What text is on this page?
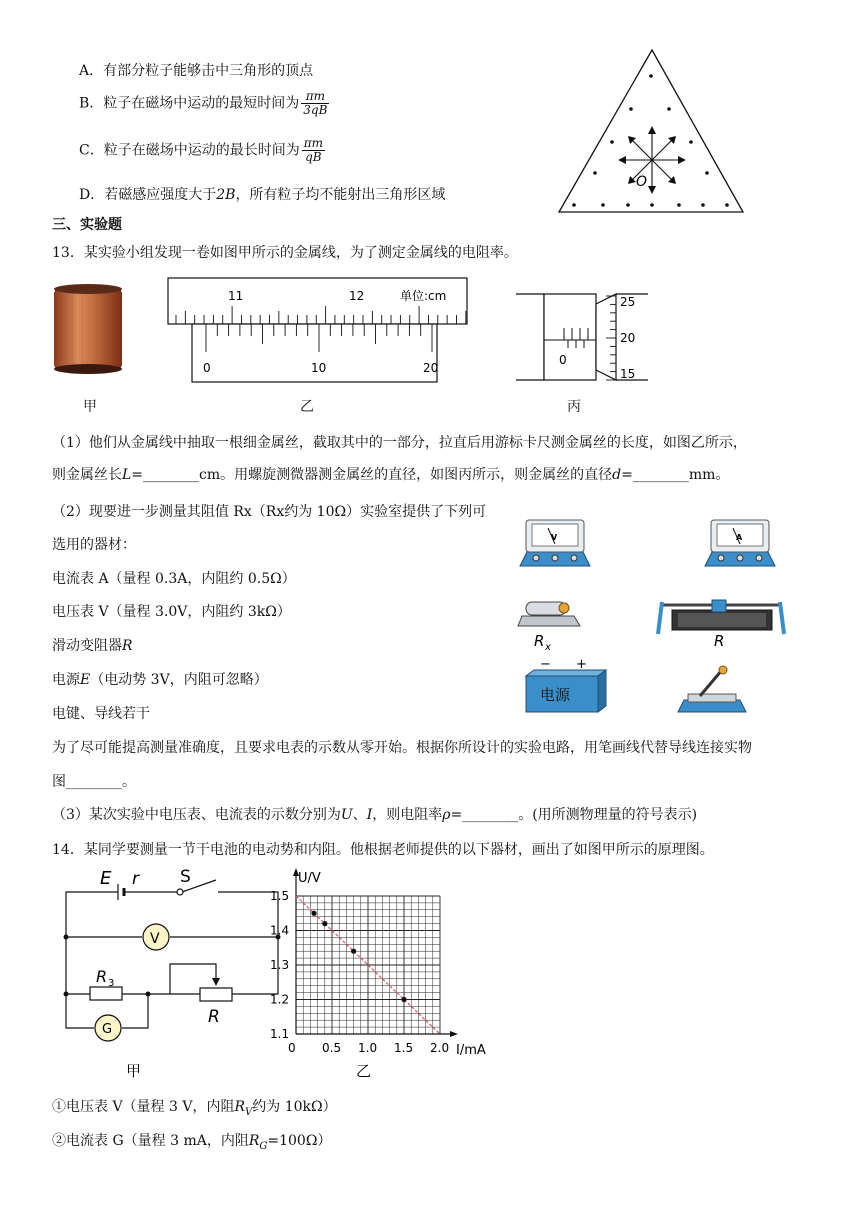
A．有部分粒子能够击中三角形的顶点
B．粒子在磁场中运动的最短时间为 $\frac{\pi m}{3qB}$
C．粒子在磁场中运动的最长时间为 $\frac{\pi m}{qB}$
D．若磁感应强度大于2B，所有粒子均不能射出三角形区域
O
三、实验题
13．某实验小组发现一卷如图甲所示的金属线，为了测定金属线的电阻率。
甲
11	12	单位:cm
0	10	20
乙
25
20
15
0
丙
（1）他们从金属线中抽取一根细金属丝，截取其中的一部分，拉直后用游标卡尺测金属丝的长度，如图乙所示，
则金属丝长L=________cm。用螺旋测微器测金属丝的直径，如图丙所示，则金属丝的直径d=________mm。
（2）现要进一步测量其阻值 Rx（Rx约为 10Ω）实验室提供了下列可
选用的器材：
电流表 A（量程 0.3A，内阻约 0.5Ω）
电压表 V（量程 3.0V，内阻约 3kΩ）
滑动变阻器R
电源E（电动势 3V，内阻可忽略）
电键、导线若干
为了尽可能提高测量准确度，且要求电表的示数从零开始。根据你所设计的实验电路，用笔画线代替导线连接实物
图________。
（3）某次实验中电压表、电流表的示数分别为U、I，则电阻率ρ=________。(用所测物理量的符号表示)
V	A
R x	R
电源
− +
14．某同学要测量一节干电池的电动势和内阻。他根据老师提供的以下器材，画出了如图甲所示的原理图。
E r S
V
R 3
R
G
甲
1.1
1.2
1.3
1.4
1.5
0 0.5 1.0 1.5 2.0
U/V
I/mA
乙
①电压表 V（量程 3 V，内阻$R_V$约为 10kΩ）
②电流表 G（量程 3 mA，内阻$R_G=100\Omega$）
